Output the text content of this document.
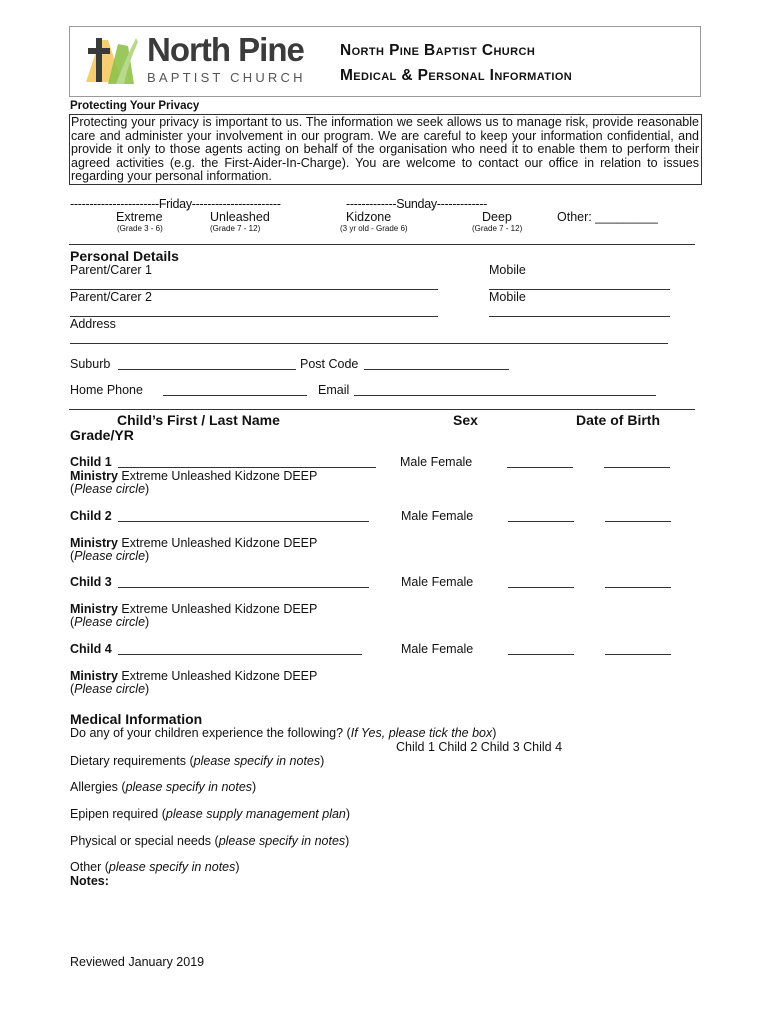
North Pine
BAPTIST CHURCH
North Pine Baptist Church
Medical & Personal Information
Protecting Your Privacy
Protecting your privacy is important to us. The information we seek allows us to manage risk, provide reasonable care and administer your involvement in our program. We are careful to keep your information confidential, and provide it only to those agents acting on behalf of the organisation who need it to enable them to perform their agreed activities (e.g. the First-Aider-In-Charge). You are welcome to contact our office in relation to issues regarding your personal information.
-----------------------Friday-----------------------	-------------Sunday-------------
Extreme
(Grade 3 - 6)
Unleashed
(Grade 7 - 12)
Kidzone
(3 yr old - Grade 6)
Deep
(Grade 7 - 12)
Other: _________
Personal Details
Parent/Carer 1	Mobile
Parent/Carer 2	Mobile
Address
Suburb	Post Code
Home Phone	Email
Child’s First / Last Name	Sex	Date of Birth
Grade/YR
Child 1	Male Female
Ministry Extreme Unleashed Kidzone DEEP
(Please circle)
Child 2	Male Female
Ministry Extreme Unleashed Kidzone DEEP
(Please circle)
Child 3	Male Female
Ministry Extreme Unleashed Kidzone DEEP
(Please circle)
Child 4	Male Female
Ministry Extreme Unleashed Kidzone DEEP
(Please circle)
Medical Information
Do any of your children experience the following? (If Yes, please tick the box)
Child 1 Child 2 Child 3 Child 4
Dietary requirements (please specify in notes)
Allergies (please specify in notes)
Epipen required (please supply management plan)
Physical or special needs (please specify in notes)
Other (please specify in notes)
Notes:
Reviewed January 2019
